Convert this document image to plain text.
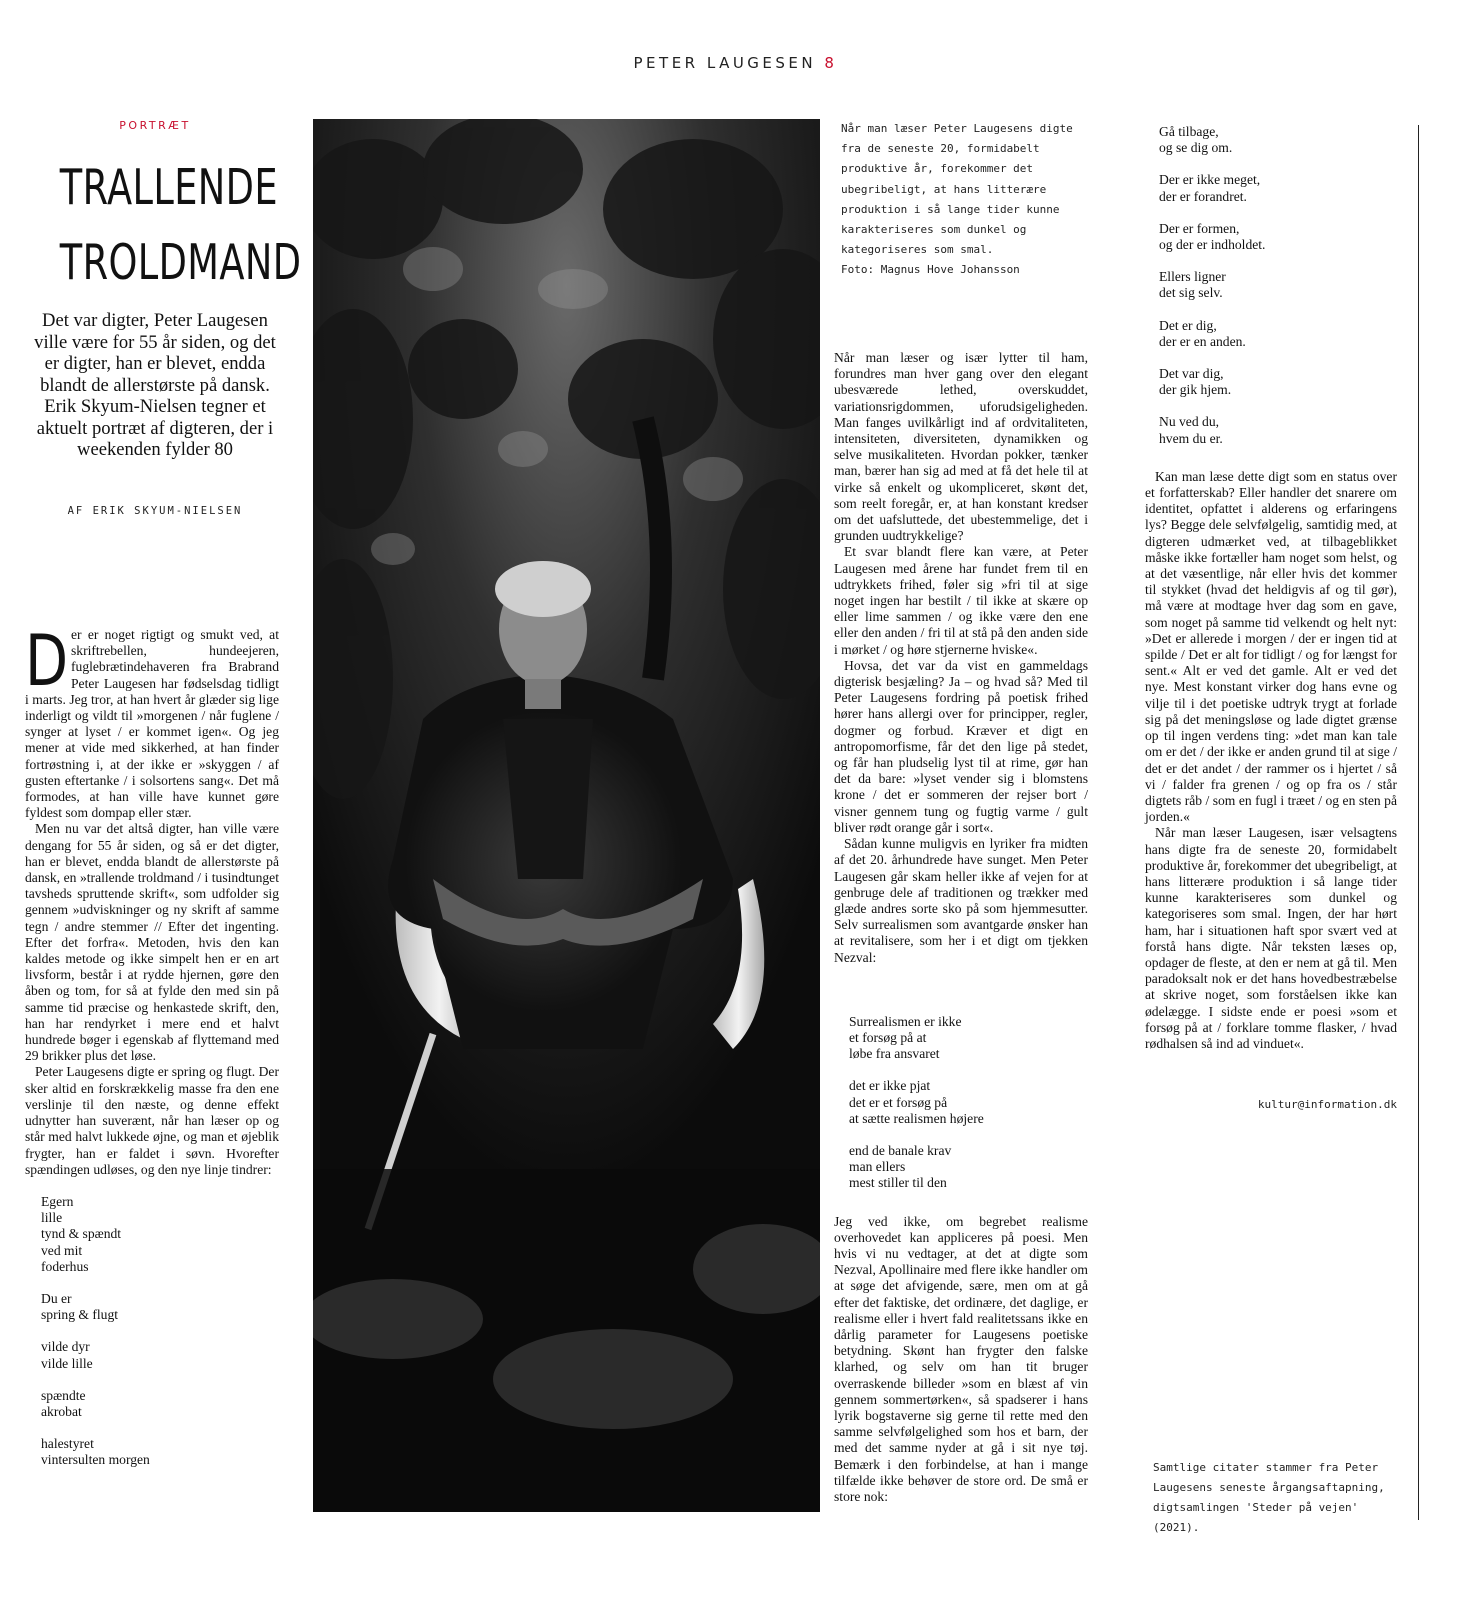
PETER LAUGESEN 8
PORTRÆT
TRALLENDE
TROLDMAND

Det var digter, Peter Laugesen ville være for 55 år siden, og det er digter, han er blevet, endda blandt de allerstørste på dansk. Erik Skyum-Nielsen tegner et aktuelt portræt af digteren, der i weekenden fylder 80

AF ERIK SKYUM-NIELSEN

Der er noget rigtigt og smukt ved, at skriftrebellen, hundeejeren, fuglebrætindehaveren fra Brabrand Peter Laugesen har fødselsdag tidligt i marts. Jeg tror, at han hvert år glæder sig lige inderligt og vildt til »morgenen / når fuglene / synger at lyset / er kommet igen«. Og jeg mener at vide med sikkerhed, at han finder fortrøstning i, at der ikke er »skyggen / af gusten eftertanke / i solsortens sang«. Det må formodes, at han ville have kunnet gøre fyldest som dompap eller stær.

Men nu var det altså digter, han ville være dengang for 55 år siden, og så er det digter, han er blevet, endda blandt de allerstørste på dansk, en »trallende troldmand / i tusindtunget tavsheds spruttende skrift«, som udfolder sig gennem »udviskninger og ny skrift af samme tegn / andre stemmer // Efter det ingenting. Efter det forfra«. Metoden, hvis den kan kaldes metode og ikke simpelt hen er en art livsform, består i at rydde hjernen, gøre den åben og tom, for så at fylde den med sin på samme tid præcise og henkastede skrift, den, han har rendyrket i mere end et halvt hundrede bøger i egenskab af flyttemand med 29 brikker plus det løse.

Peter Laugesens digte er spring og flugt. Der sker altid en forskrækkelig masse fra den ene verslinje til den næste, og denne effekt udnytter han suverænt, når han læser op og står med halvt lukkede øjne, og man et øjeblik frygter, han er faldet i søvn. Hvorefter spændingen udløses, og den nye linje tindrer:

Egern
lille
tynd & spændt
ved mit
foderhus
Du er
spring & flugt
vilde dyr
vilde lille
spændte
akrobat
halestyret
vintersulten morgen
Når man læser Peter Laugesens digte fra de seneste 20, formidabelt produktive år, forekommer det ubegribeligt, at hans litterære produktion i så lange tider kunne karakteriseres som dunkel og kategoriseres som smal.
Foto: Magnus Hove Johansson

Når man læser og især lytter til ham, forundres man hver gang over den elegant ubesværede lethed, overskuddet, variationsrigdommen, uforudsigeligheden. Man fanges uvilkårligt ind af ordvitaliteten, intensiteten, diversiteten, dynamikken og selve musikaliteten. Hvordan pokker, tænker man, bærer han sig ad med at få det hele til at virke så enkelt og ukompliceret, skønt det, som reelt foregår, er, at han konstant kredser om det uafsluttede, det ubestemmelige, det i grunden uudtrykkelige?

Et svar blandt flere kan være, at Peter Laugesen med årene har fundet frem til en udtrykkets frihed, føler sig »fri til at sige noget ingen har bestilt / til ikke at skære op eller lime sammen / og ikke være den ene eller den anden / fri til at stå på den anden side i mørket / og høre stjernerne hviske«.

Hovsa, det var da vist en gammeldags digterisk besjæling? Ja – og hvad så? Med til Peter Laugesens fordring på poetisk frihed hører hans allergi over for principper, regler, dogmer og forbud. Kræver et digt en antropomorfisme, får det den lige på stedet, og får han pludselig lyst til at rime, gør han det da bare: »lyset vender sig i blomstens krone / det er sommeren der rejser bort / visner gennem tung og fugtig varme / gult bliver rødt orange går i sort«.

Sådan kunne muligvis en lyriker fra midten af det 20. århundrede have sunget. Men Peter Laugesen går skam heller ikke af vejen for at genbruge dele af traditionen og trækker med glæde andres sorte sko på som hjemmesutter. Selv surrealismen som avantgarde ønsker han at revitalisere, som her i et digt om tjekken Nezval:

Surrealismen er ikke
et forsøg på at
løbe fra ansvaret
det er ikke pjat
det er et forsøg på
at sætte realismen højere
end de banale krav
man ellers
mest stiller til den

Jeg ved ikke, om begrebet realisme overhovedet kan appliceres på poesi. Men hvis vi nu vedtager, at det at digte som Nezval, Apollinaire med flere ikke handler om at søge det afvigende, sære, men om at gå efter det faktiske, det ordinære, det daglige, er realisme eller i hvert fald realitetssans ikke en dårlig parameter for Laugesens poetiske betydning. Skønt han frygter den falske klarhed, og selv om han tit bruger overraskende billeder »som en blæst af vin gennem sommertørken«, så spadserer i hans lyrik bogstaverne sig gerne til rette med den samme selvfølgelighed som hos et barn, der med det samme nyder at gå i sit nye tøj. Bemærk i den forbindelse, at han i mange tilfælde ikke behøver de store ord. De små er store nok:

Gå tilbage,
og se dig om.
Der er ikke meget,
der er forandret.
Der er formen,
og der er indholdet.
Ellers ligner
det sig selv.
Det er dig,
der er en anden.
Det var dig,
der gik hjem.
Nu ved du,
hvem du er.

Kan man læse dette digt som en status over et forfatterskab? Eller handler det snarere om identitet, opfattet i alderens og erfaringens lys? Begge dele selvfølgelig, samtidig med, at digteren udmærket ved, at tilbageblikket måske ikke fortæller ham noget som helst, og at det væsentlige, når eller hvis det kommer til stykket (hvad det heldigvis af og til gør), må være at modtage hver dag som en gave, som noget på samme tid velkendt og helt nyt: »Det er allerede i morgen / der er ingen tid at spilde / Det er alt for tidligt / og for længst for sent.« Alt er ved det gamle. Alt er ved det nye. Mest konstant virker dog hans evne og vilje til i det poetiske udtryk trygt at forlade sig på det meningsløse og lade digtet grænse op til ingen verdens ting: »det man kan tale om er det / der ikke er anden grund til at sige / det er det andet / der rammer os i hjertet / så vi / falder fra grenen / og op fra os / står digtets råb / som en fugl i træet / og en sten på jorden.«

Når man læser Laugesen, især velsagtens hans digte fra de seneste 20, formidabelt produktive år, forekommer det ubegribeligt, at hans litterære produktion i så lange tider kunne karakteriseres som dunkel og kategoriseres som smal. Ingen, der har hørt ham, har i situationen haft spor svært ved at forstå hans digte. Når teksten læses op, opdager de fleste, at den er nem at gå til. Men paradoksalt nok er det hans hovedbestræbelse at skrive noget, som forståelsen ikke kan ødelægge. I sidste ende er poesi »som et forsøg på at / forklare tomme flasker, / hvad rødhalsen så ind ad vinduet«.

kultur@information.dk
Samtlige citater stammer fra Peter Laugesens seneste årgangsaftapning, digtsamlingen 'Steder på vejen' (2021).
